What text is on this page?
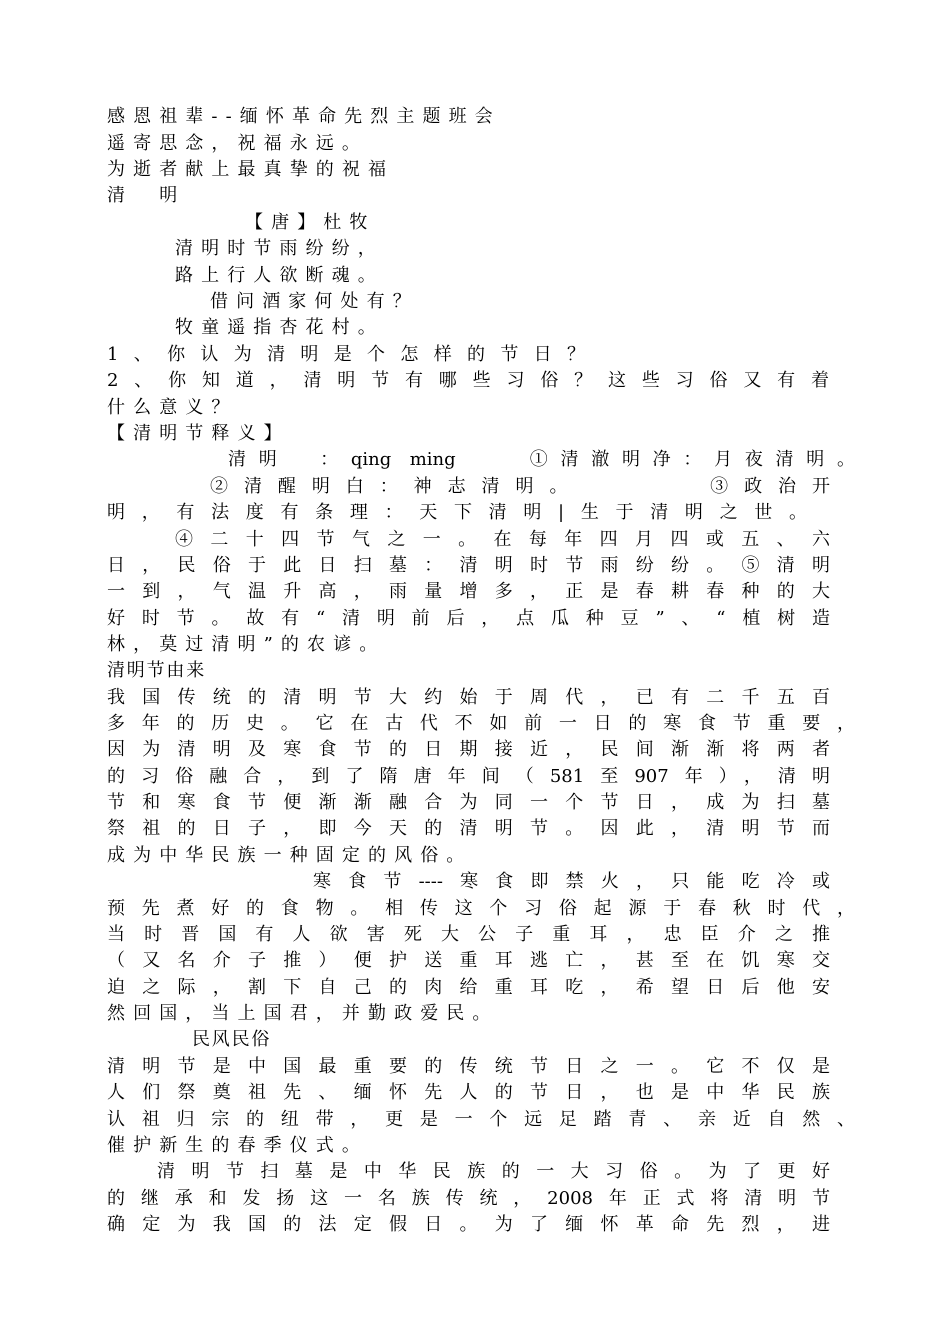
感恩祖辈--缅怀革命先烈主题班会
遥寄思念，祝福永远。
为逝者献上最真挚的祝福
清　明
【唐】杜牧
清明时节雨纷纷，
路上行人欲断魂。
借问酒家何处有？
牧童遥指杏花村。
1、你认为清明是个怎样的节日？
2、你知道，清明节有哪些习俗？这些习俗又有着
什么意义？
【清明节释义】
清明　：qing ming　　①清澈明净：月夜清明。
②清醒明白：神志清明。　　　　③政治开
明，有法度有条理：天下清明|生于清明之世。
④二十四节气之一。在每年四月四或五、六
日，民俗于此日扫墓：清明时节雨纷纷。⑤清明
一到，气温升高，雨量增多，正是春耕春种的大
好时节。故有“清明前后，点瓜种豆”、“植树造
林，莫过清明”的农谚。
清明节由来
我国传统的清明节大约始于周代，已有二千五百
多年的历史。它在古代不如前一日的寒食节重要，
因为清明及寒食节的日期接近，民间渐渐将两者
的习俗融合，到了隋唐年间（581至907年），清明
节和寒食节便渐渐融合为同一个节日，成为扫墓
祭祖的日子，即今天的清明节。因此，清明节而
成为中华民族一种固定的风俗。
寒食节----寒食即禁火，只能吃冷或
预先煮好的食物。相传这个习俗起源于春秋时代，
当时晋国有人欲害死大公子重耳，忠臣介之推
（又名介子推）便护送重耳逃亡，甚至在饥寒交
迫之际，割下自己的肉给重耳吃，希望日后他安
然回国，当上国君，并勤政爱民。
民风民俗
清明节是中国最重要的传统节日之一。它不仅是
人们祭奠祖先、缅怀先人的节日，也是中华民族
认祖归宗的纽带，更是一个远足踏青、亲近自然、
催护新生的春季仪式。
清明节扫墓是中华民族的一大习俗。为了更好
的继承和发扬这一名族传统，2008年正式将清明节
确定为我国的法定假日。为了缅怀革命先烈，进
